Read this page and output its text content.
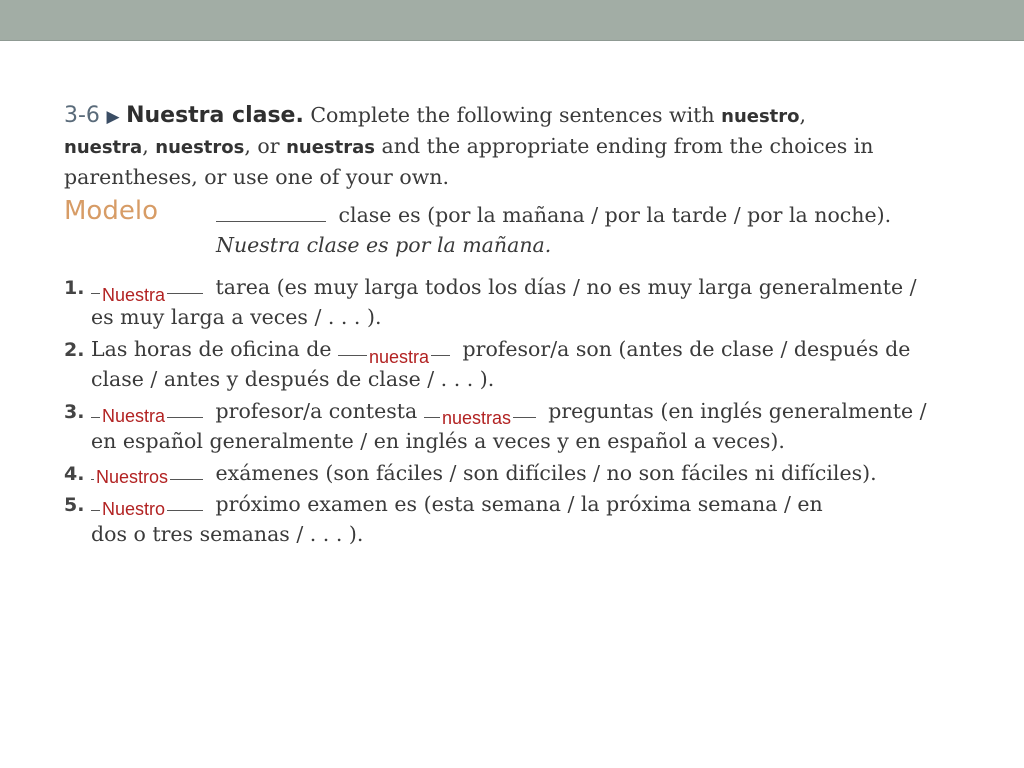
3-6 ▶ Nuestra clase. Complete the following sentences with nuestro,
nuestra, nuestros, or nuestras and the appropriate ending from the choices in
parentheses, or use one of your own.
Modelo	clase es (por la mañana / por la tarde / por la noche).
Nuestra clase es por la mañana.
1.	tarea (es muy larga todos los días / no es muy larga generalmente /
es muy larga a veces / . . . ).
2. Las horas de oficina de	profesor/a son (antes de clase / después de
clase / antes y después de clase / . . . ).
3.	profesor/a contesta	preguntas (en inglés generalmente /
en español generalmente / en inglés a veces y en español a veces).
4.	exámenes (son fáciles / son difíciles / no son fáciles ni difíciles).
5.	próximo examen es (esta semana / la próxima semana / en
dos o tres semanas / . . . ).
Nuestra
nuestra
Nuestra	nuestras
Nuestros
Nuestro
